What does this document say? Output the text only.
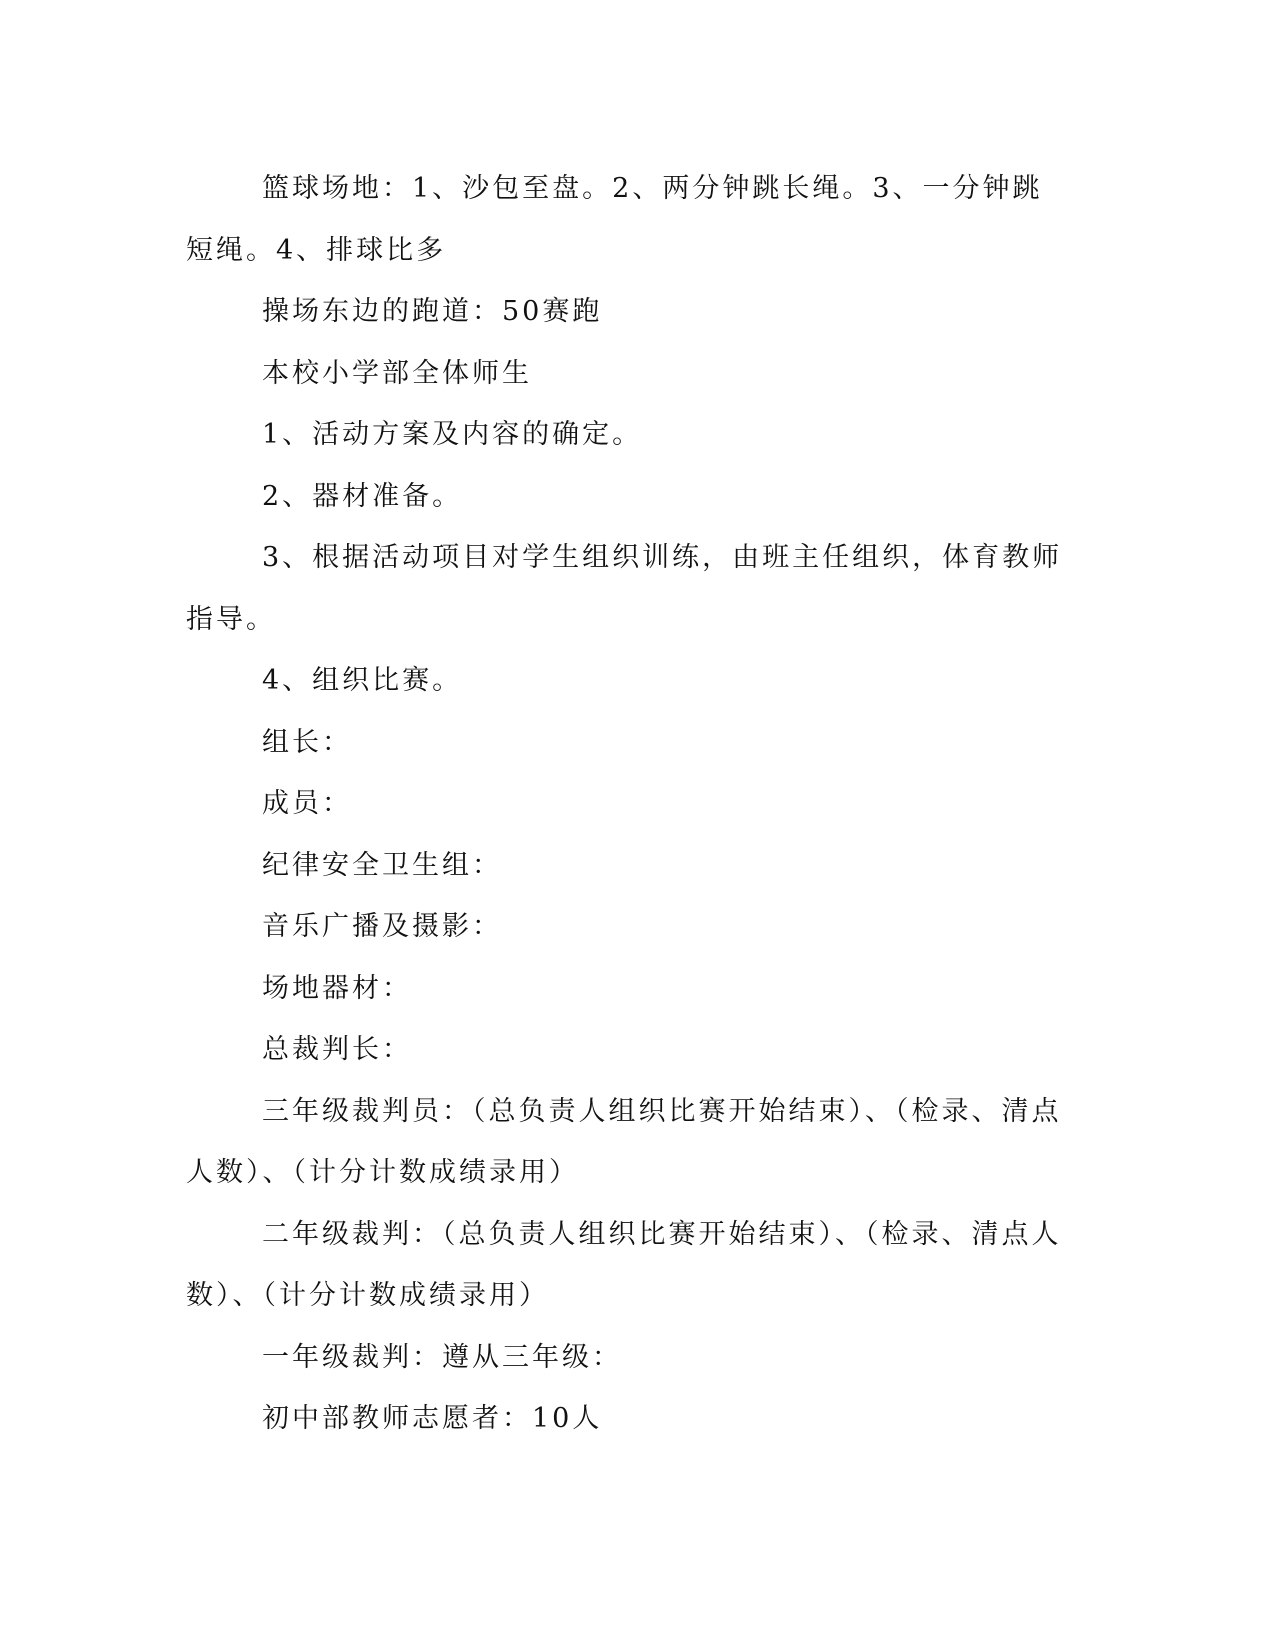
篮球场地：1、沙包至盘。2、两分钟跳长绳。3、一分钟跳短绳。4、排球比多

操场东边的跑道：50赛跑

本校小学部全体师生

1、活动方案及内容的确定。

2、器材准备。

3、根据活动项目对学生组织训练，由班主任组织，体育教师指导。

4、组织比赛。

组长：

成员：

纪律安全卫生组：

音乐广播及摄影：

场地器材：

总裁判长：

三年级裁判员：（总负责人组织比赛开始结束）、（检录、清点人数）、（计分计数成绩录用）

二年级裁判：（总负责人组织比赛开始结束）、（检录、清点人数）、（计分计数成绩录用）

一年级裁判：遵从三年级：

初中部教师志愿者：10人
